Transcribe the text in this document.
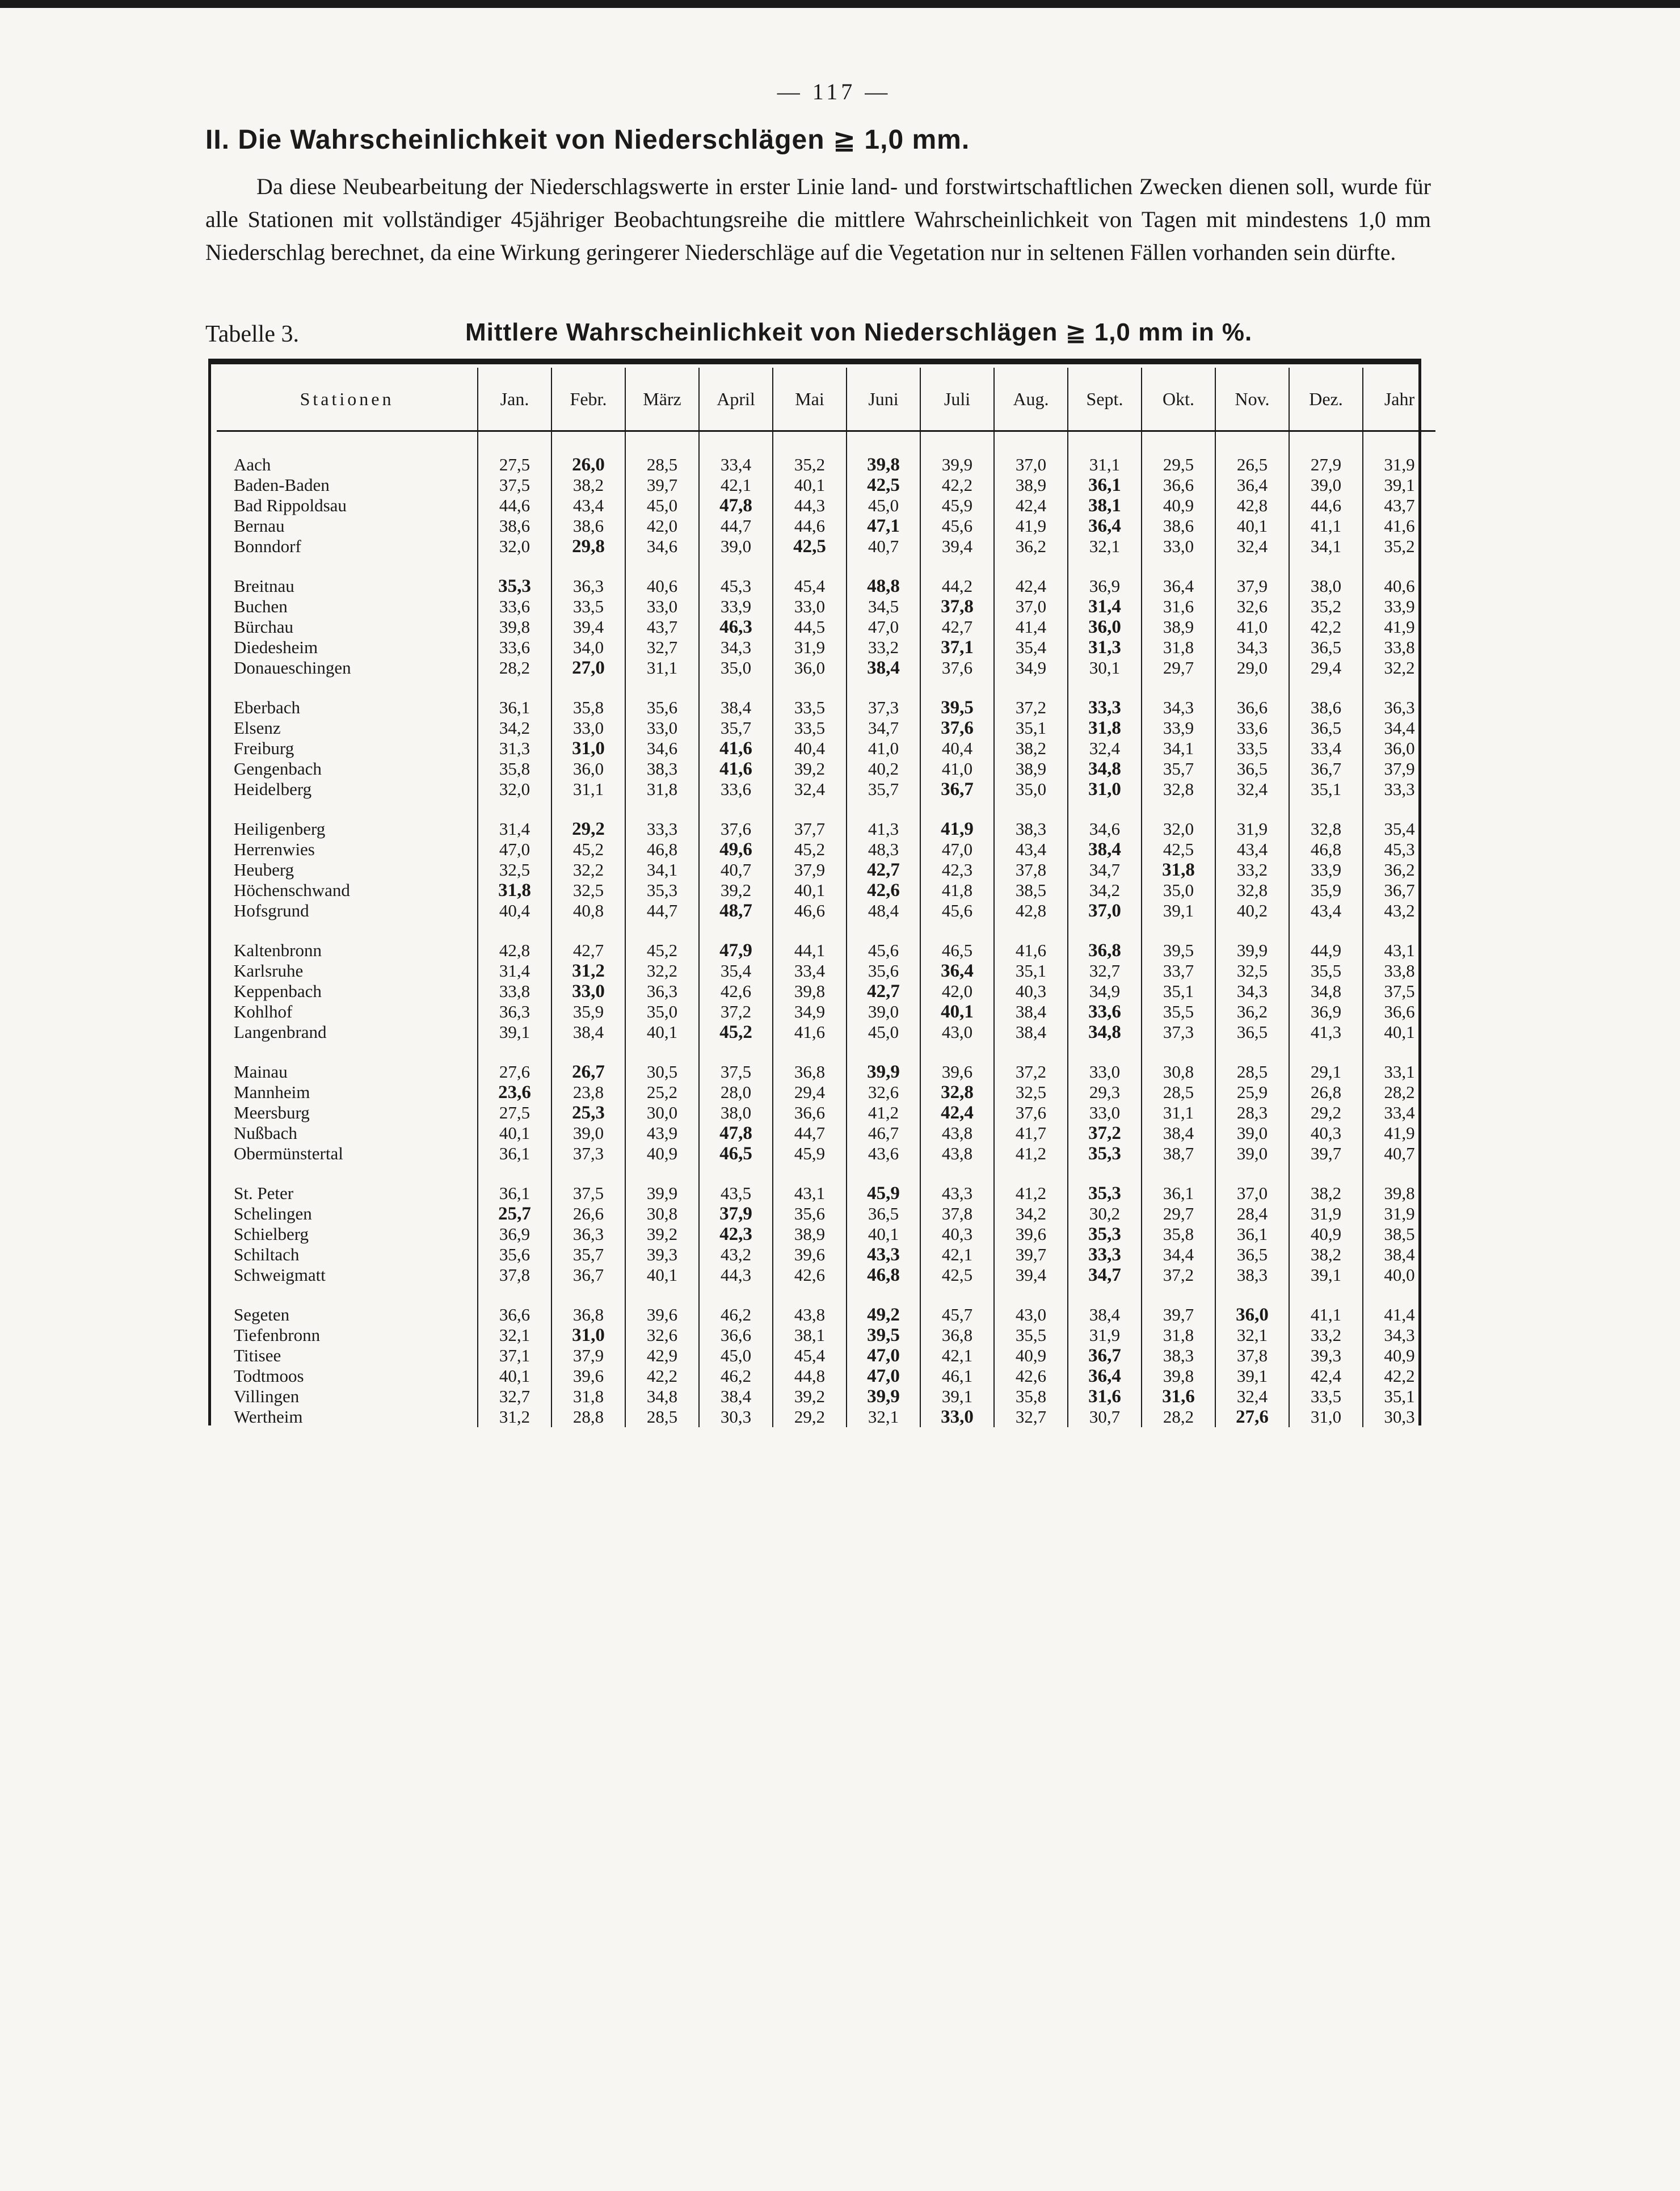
— 117 —
II. Die Wahrscheinlichkeit von Niederschlägen ≧ 1,0 mm.

Da diese Neubearbeitung der Niederschlagswerte in erster Linie land- und forstwirtschaftlichen Zwecken dienen soll, wurde für alle Stationen mit vollständiger 45jähriger Beobachtungsreihe die mittlere Wahrscheinlichkeit von Tagen mit mindestens 1,0 mm Niederschlag berechnet, da eine Wirkung geringerer Niederschläge auf die Vegetation nur in seltenen Fällen vorhanden sein dürfte.

Tabelle 3.	Mittlere Wahrscheinlichkeit von Niederschlägen ≧ 1,0 mm in %.
Stationen	Jan.	Febr.	März	April	Mai	Juni	Juli	Aug.	Sept.	Okt.	Nov.	Dez.	Jahr

Aach	27,5	26,0	28,5	33,4	35,2	39,8	39,9	37,0	31,1	29,5	26,5	27,9	31,9
Baden-Baden	37,5	38,2	39,7	42,1	40,1	42,5	42,2	38,9	36,1	36,6	36,4	39,0	39,1
Bad Rippoldsau	44,6	43,4	45,0	47,8	44,3	45,0	45,9	42,4	38,1	40,9	42,8	44,6	43,7
Bernau	38,6	38,6	42,0	44,7	44,6	47,1	45,6	41,9	36,4	38,6	40,1	41,1	41,6
Bonndorf	32,0	29,8	34,6	39,0	42,5	40,7	39,4	36,2	32,1	33,0	32,4	34,1	35,2

Breitnau	35,3	36,3	40,6	45,3	45,4	48,8	44,2	42,4	36,9	36,4	37,9	38,0	40,6
Buchen	33,6	33,5	33,0	33,9	33,0	34,5	37,8	37,0	31,4	31,6	32,6	35,2	33,9
Bürchau	39,8	39,4	43,7	46,3	44,5	47,0	42,7	41,4	36,0	38,9	41,0	42,2	41,9
Diedesheim	33,6	34,0	32,7	34,3	31,9	33,2	37,1	35,4	31,3	31,8	34,3	36,5	33,8
Donaueschingen	28,2	27,0	31,1	35,0	36,0	38,4	37,6	34,9	30,1	29,7	29,0	29,4	32,2

Eberbach	36,1	35,8	35,6	38,4	33,5	37,3	39,5	37,2	33,3	34,3	36,6	38,6	36,3
Elsenz	34,2	33,0	33,0	35,7	33,5	34,7	37,6	35,1	31,8	33,9	33,6	36,5	34,4
Freiburg	31,3	31,0	34,6	41,6	40,4	41,0	40,4	38,2	32,4	34,1	33,5	33,4	36,0
Gengenbach	35,8	36,0	38,3	41,6	39,2	40,2	41,0	38,9	34,8	35,7	36,5	36,7	37,9
Heidelberg	32,0	31,1	31,8	33,6	32,4	35,7	36,7	35,0	31,0	32,8	32,4	35,1	33,3

Heiligenberg	31,4	29,2	33,3	37,6	37,7	41,3	41,9	38,3	34,6	32,0	31,9	32,8	35,4
Herrenwies	47,0	45,2	46,8	49,6	45,2	48,3	47,0	43,4	38,4	42,5	43,4	46,8	45,3
Heuberg	32,5	32,2	34,1	40,7	37,9	42,7	42,3	37,8	34,7	31,8	33,2	33,9	36,2
Höchenschwand	31,8	32,5	35,3	39,2	40,1	42,6	41,8	38,5	34,2	35,0	32,8	35,9	36,7
Hofsgrund	40,4	40,8	44,7	48,7	46,6	48,4	45,6	42,8	37,0	39,1	40,2	43,4	43,2

Kaltenbronn	42,8	42,7	45,2	47,9	44,1	45,6	46,5	41,6	36,8	39,5	39,9	44,9	43,1
Karlsruhe	31,4	31,2	32,2	35,4	33,4	35,6	36,4	35,1	32,7	33,7	32,5	35,5	33,8
Keppenbach	33,8	33,0	36,3	42,6	39,8	42,7	42,0	40,3	34,9	35,1	34,3	34,8	37,5
Kohlhof	36,3	35,9	35,0	37,2	34,9	39,0	40,1	38,4	33,6	35,5	36,2	36,9	36,6
Langenbrand	39,1	38,4	40,1	45,2	41,6	45,0	43,0	38,4	34,8	37,3	36,5	41,3	40,1

Mainau	27,6	26,7	30,5	37,5	36,8	39,9	39,6	37,2	33,0	30,8	28,5	29,1	33,1
Mannheim	23,6	23,8	25,2	28,0	29,4	32,6	32,8	32,5	29,3	28,5	25,9	26,8	28,2
Meersburg	27,5	25,3	30,0	38,0	36,6	41,2	42,4	37,6	33,0	31,1	28,3	29,2	33,4
Nußbach	40,1	39,0	43,9	47,8	44,7	46,7	43,8	41,7	37,2	38,4	39,0	40,3	41,9
Obermünstertal	36,1	37,3	40,9	46,5	45,9	43,6	43,8	41,2	35,3	38,7	39,0	39,7	40,7

St. Peter	36,1	37,5	39,9	43,5	43,1	45,9	43,3	41,2	35,3	36,1	37,0	38,2	39,8
Schelingen	25,7	26,6	30,8	37,9	35,6	36,5	37,8	34,2	30,2	29,7	28,4	31,9	31,9
Schielberg	36,9	36,3	39,2	42,3	38,9	40,1	40,3	39,6	35,3	35,8	36,1	40,9	38,5
Schiltach	35,6	35,7	39,3	43,2	39,6	43,3	42,1	39,7	33,3	34,4	36,5	38,2	38,4
Schweigmatt	37,8	36,7	40,1	44,3	42,6	46,8	42,5	39,4	34,7	37,2	38,3	39,1	40,0

Segeten	36,6	36,8	39,6	46,2	43,8	49,2	45,7	43,0	38,4	39,7	36,0	41,1	41,4
Tiefenbronn	32,1	31,0	32,6	36,6	38,1	39,5	36,8	35,5	31,9	31,8	32,1	33,2	34,3
Titisee	37,1	37,9	42,9	45,0	45,4	47,0	42,1	40,9	36,7	38,3	37,8	39,3	40,9
Todtmoos	40,1	39,6	42,2	46,2	44,8	47,0	46,1	42,6	36,4	39,8	39,1	42,4	42,2
Villingen	32,7	31,8	34,8	38,4	39,2	39,9	39,1	35,8	31,6	31,6	32,4	33,5	35,1
Wertheim	31,2	28,8	28,5	30,3	29,2	32,1	33,0	32,7	30,7	28,2	27,6	31,0	30,3
